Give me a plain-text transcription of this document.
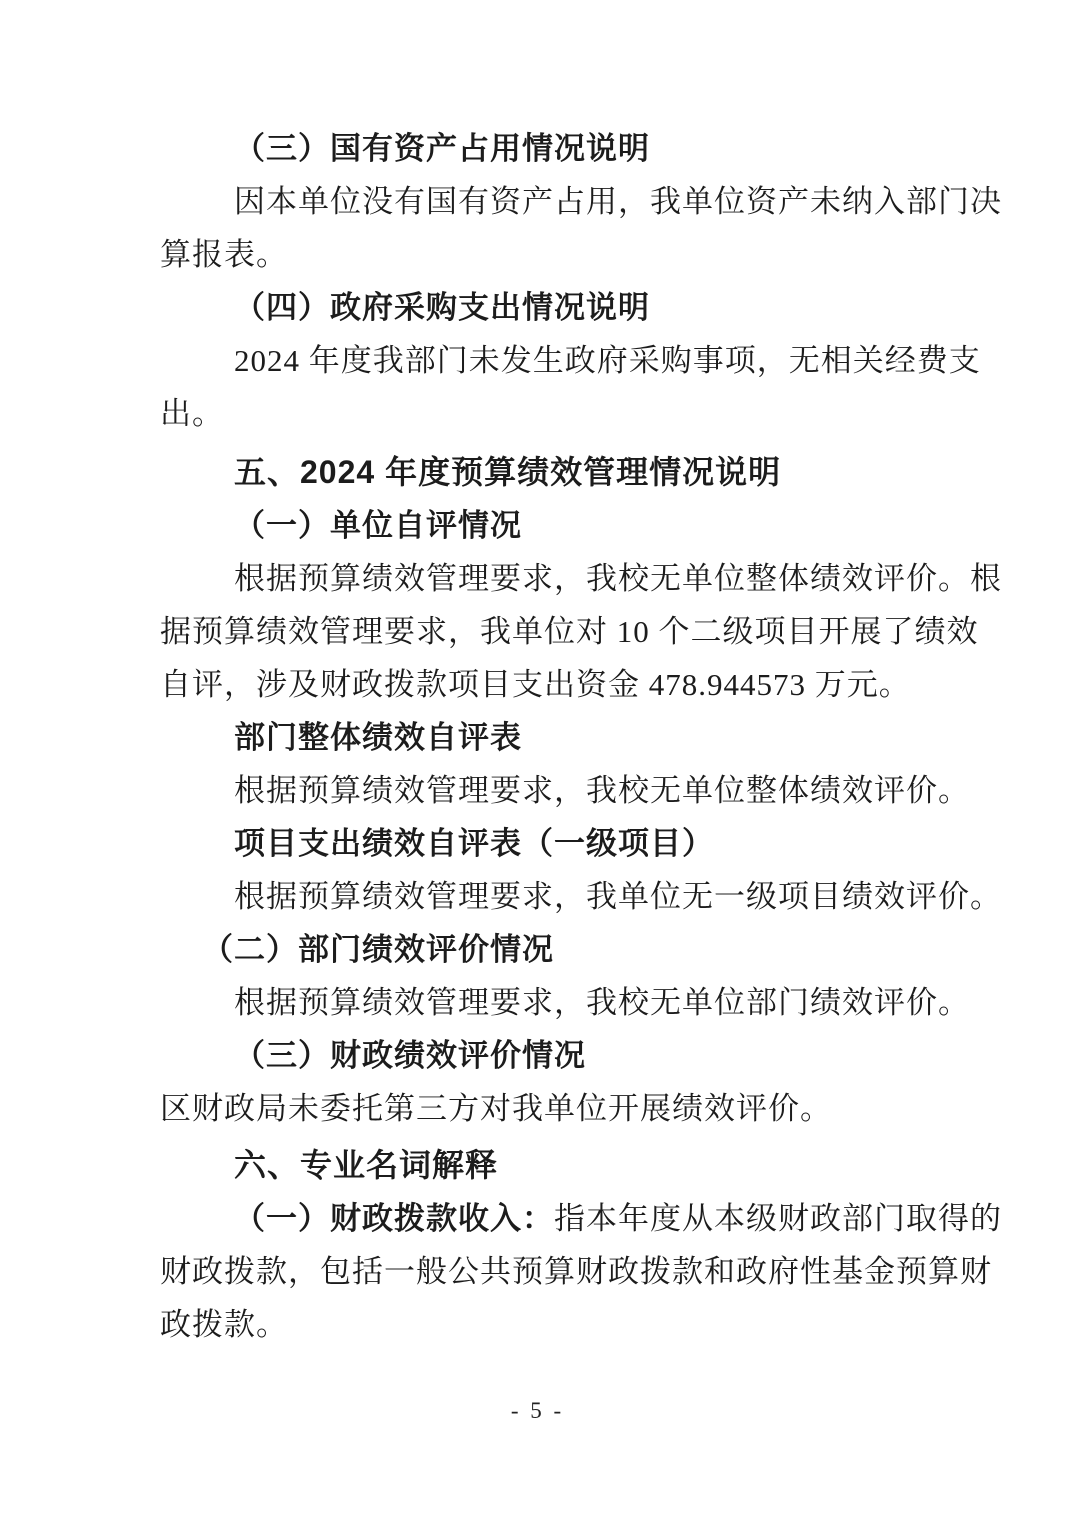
（三）国有资产占用情况说明
因本单位没有国有资产占用，我单位资产未纳入部门决
算报表。
（四）政府采购支出情况说明
2024 年度我部门未发生政府采购事项，无相关经费支
出。
五、2024 年度预算绩效管理情况说明
（一）单位自评情况
根据预算绩效管理要求，我校无单位整体绩效评价。根
据预算绩效管理要求，我单位对 10 个二级项目开展了绩效
自评，涉及财政拨款项目支出资金 478.944573 万元。
部门整体绩效自评表
根据预算绩效管理要求，我校无单位整体绩效评价。
项目支出绩效自评表（一级项目）
根据预算绩效管理要求，我单位无一级项目绩效评价。
（二）部门绩效评价情况
根据预算绩效管理要求，我校无单位部门绩效评价。
（三）财政绩效评价情况
区财政局未委托第三方对我单位开展绩效评价。
六、专业名词解释
（一）财政拨款收入：指本年度从本级财政部门取得的
财政拨款，包括一般公共预算财政拨款和政府性基金预算财
政拨款。
- 5 -
